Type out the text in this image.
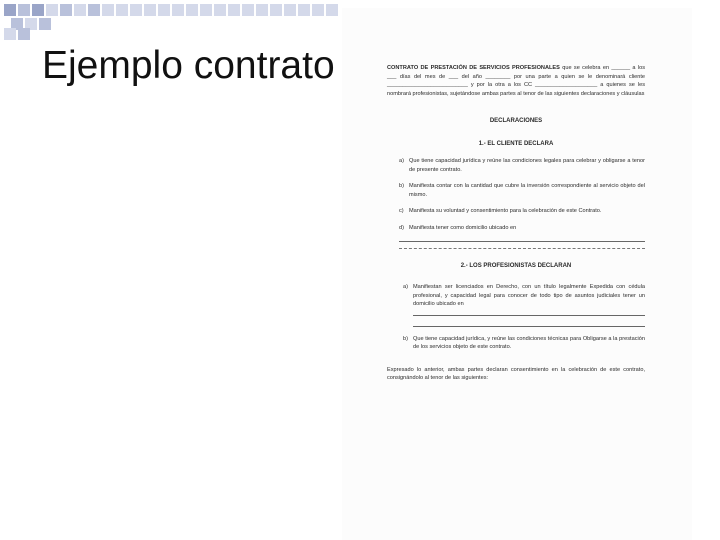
Ejemplo contrato	CONTRATO DE PRESTACIÓN DE SERVICIOS PROFESIONALES que se celebra en ______ a los ___ días del mes de ___ del año ________ por una parte a quien se le denominará cliente __________________________ y por la otra a los CC ____________________ a quienes se les nombrará profesionistas, sujetándose ambas partes al tenor de las siguientes declaraciones y cláusulas

DECLARACIONES

1.- EL CLIENTE DECLARA

a) Que tiene capacidad jurídica y reúne las condiciones legales para celebrar y obligarse a tenor de presente contrato.
b) Manifiesta contar con la cantidad que cubre la inversión correspondiente al servicio objeto del mismo.
c) Manifiesta su voluntad y consentimiento para la celebración de este Contrato.
d) Manifiesta tener como domicilio ubicado en

2.- LOS PROFESIONISTAS DECLARAN

a) Manifiestan ser licenciados en Derecho, con un título legalmente Expedida con cédula profesional, y capacidad legal para conocer de todo tipo de asuntos judiciales tener un domicilio ubicado en
b) Que tiene capacidad jurídica, y reúne las condiciones técnicas para Obligarse a la prestación de los servicios objeto de este contrato.

Expresado lo anterior, ambas partes declaran consentimiento en la celebración de este contrato, consignándolo al tenor de las siguientes:
